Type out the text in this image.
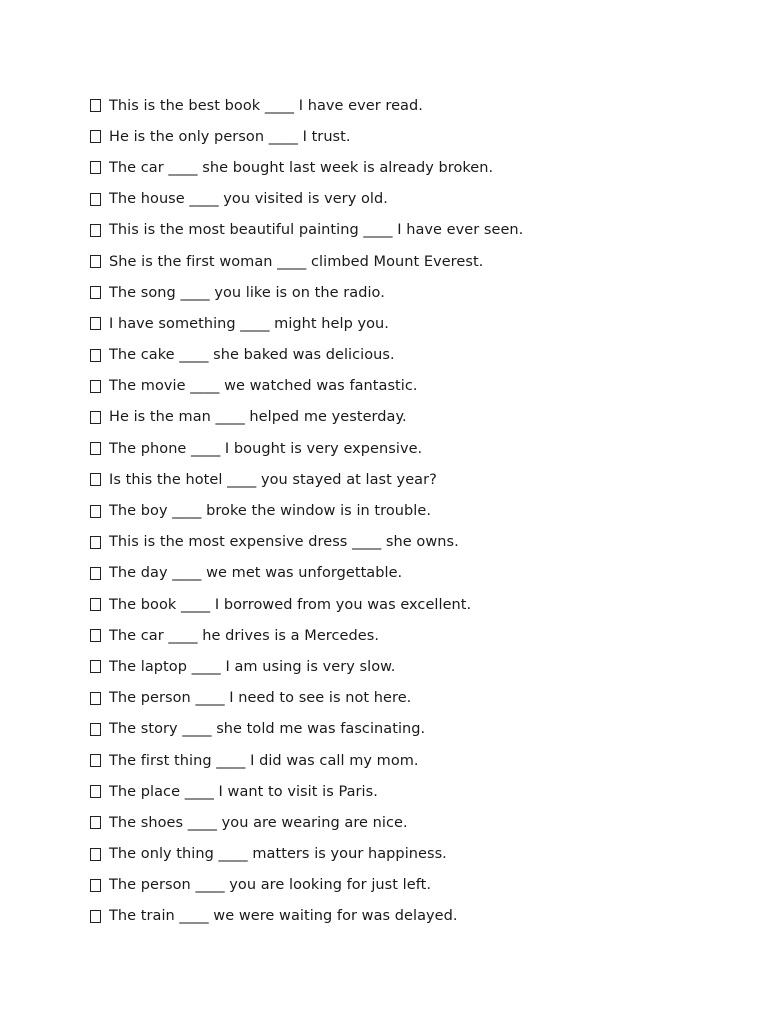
This is the best book ____ I have ever read.
He is the only person ____ I trust.
The car ____ she bought last week is already broken.
The house ____ you visited is very old.
This is the most beautiful painting ____ I have ever seen.
She is the first woman ____ climbed Mount Everest.
The song ____ you like is on the radio.
I have something ____ might help you.
The cake ____ she baked was delicious.
The movie ____ we watched was fantastic.
He is the man ____ helped me yesterday.
The phone ____ I bought is very expensive.
Is this the hotel ____ you stayed at last year?
The boy ____ broke the window is in trouble.
This is the most expensive dress ____ she owns.
The day ____ we met was unforgettable.
The book ____ I borrowed from you was excellent.
The car ____ he drives is a Mercedes.
The laptop ____ I am using is very slow.
The person ____ I need to see is not here.
The story ____ she told me was fascinating.
The first thing ____ I did was call my mom.
The place ____ I want to visit is Paris.
The shoes ____ you are wearing are nice.
The only thing ____ matters is your happiness.
The person ____ you are looking for just left.
The train ____ we were waiting for was delayed.
